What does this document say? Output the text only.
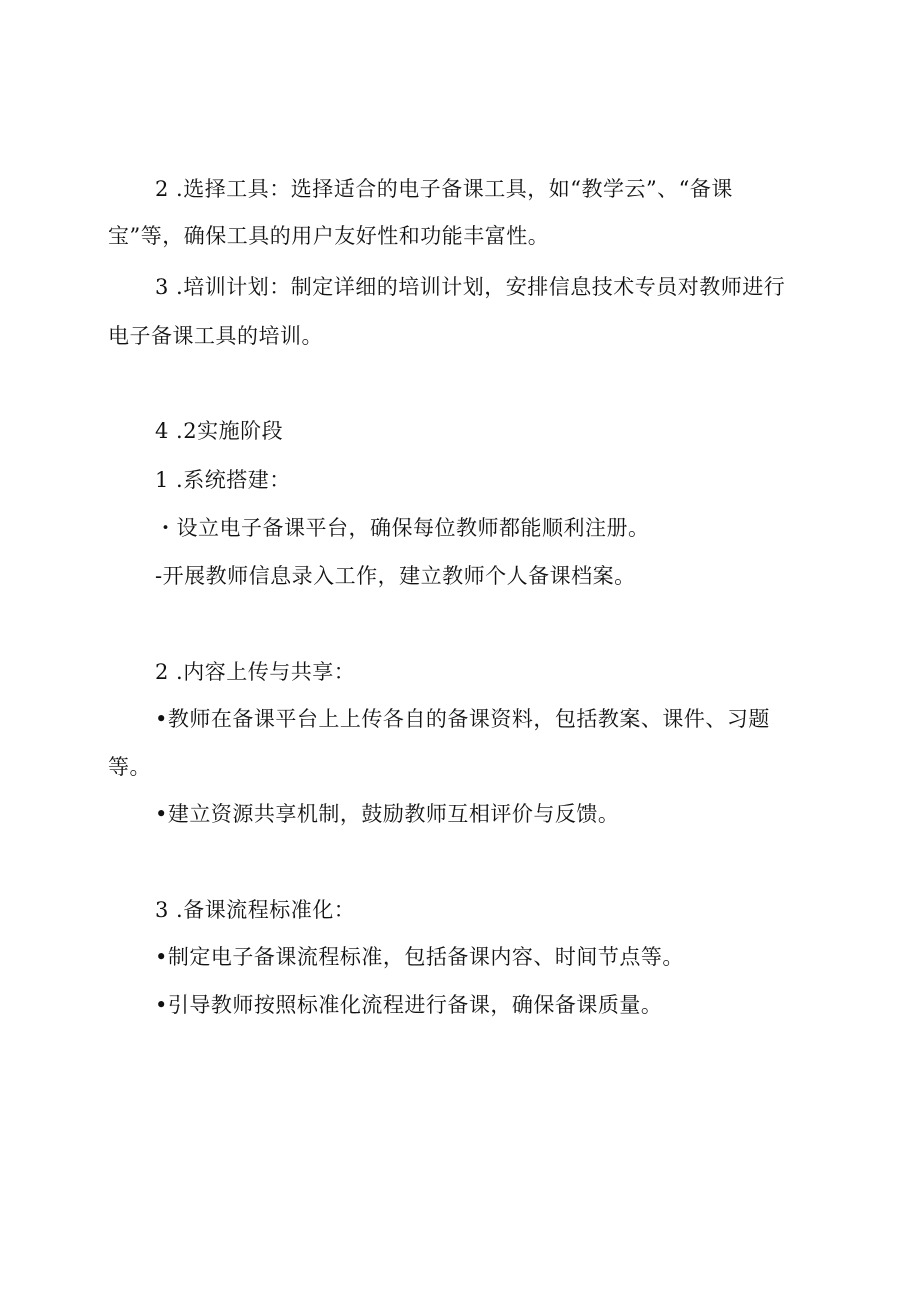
2 .选择工具：选择适合的电子备课工具，如“教学云”、“备课
宝”等，确保工具的用户友好性和功能丰富性。
3 .培训计划：制定详细的培训计划，安排信息技术专员对教师进行
电子备课工具的培训。
4 .2实施阶段
1 .系统搭建：
・设立电子备课平台，确保每位教师都能顺利注册。
-开展教师信息录入工作，建立教师个人备课档案。
2 .内容上传与共享：
•教师在备课平台上上传各自的备课资料，包括教案、课件、习题
等。
•建立资源共享机制，鼓励教师互相评价与反馈。
3 .备课流程标准化：
•制定电子备课流程标准，包括备课内容、时间节点等。
•引导教师按照标准化流程进行备课，确保备课质量。
